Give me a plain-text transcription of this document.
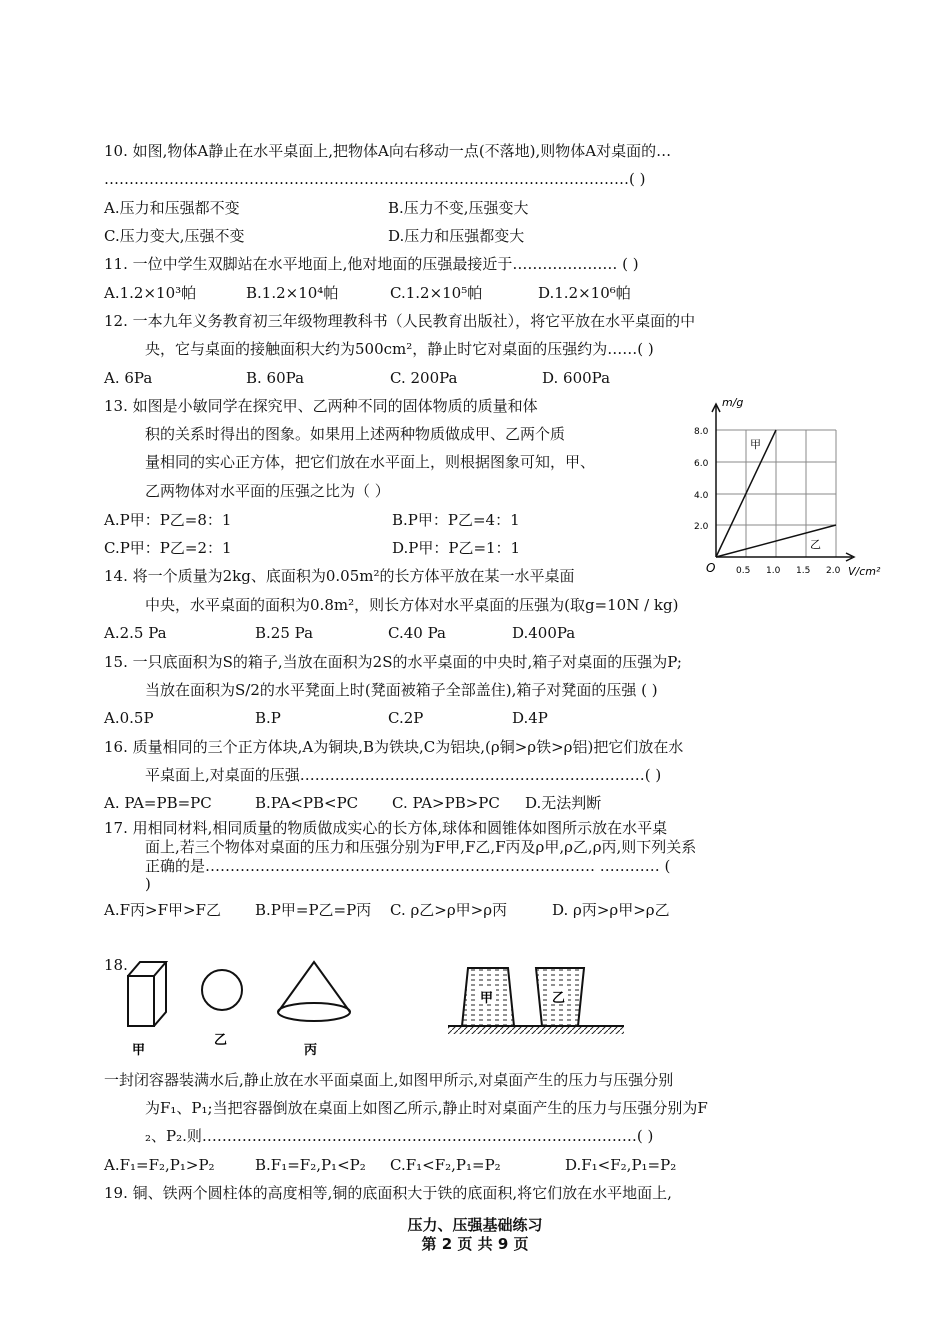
10. 如图,物体A静止在水平桌面上,把物体A向右移动一点(不落地),则物体A对桌面的…
……………………………………………………………………………………………( )
A.压力和压强都不变	B.压力不变,压强变大
C.压力变大,压强不变	D.压力和压强都变大
11. 一位中学生双脚站在水平地面上,他对地面的压强最接近于………………… ( )
A.1.2×10³帕	B.1.2×10⁴帕	C.1.2×10⁵帕	D.1.2×10⁶帕
12. 一本九年义务教育初三年级物理教科书（人民教育出版社），将它平放在水平桌面的中
央，它与桌面的接触面积大约为500cm²，静止时它对桌面的压强约为……( )
A. 6Pa	B. 60Pa	C. 200Pa	D. 600Pa
13. 如图是小敏同学在探究甲、乙两种不同的固体物质的质量和体
积的关系时得出的图象。如果用上述两种物质做成甲、乙两个质
量相同的实心正方体，把它们放在水平面上，则根据图象可知，甲、
乙两物体对水平面的压强之比为（ ）
A.P甲：P乙=8：1	B.P甲：P乙=4：1
C.P甲：P乙=2：1	D.P甲：P乙=1：1
m/g
V/cm²
O
8.0
6.0
4.0
2.0
0.5 1.0 1.5 2.0
甲
乙
14. 将一个质量为2kg、底面积为0.05m²的长方体平放在某一水平桌面
中央，水平桌面的面积为0.8m²，则长方体对水平桌面的压强为(取g=10N / kg)
A.2.5 Pa	B.25 Pa	C.40 Pa	D.400Pa
15. 一只底面积为S的箱子,当放在面积为2S的水平桌面的中央时,箱子对桌面的压强为P;
当放在面积为S/2的水平凳面上时(凳面被箱子全部盖住),箱子对凳面的压强 ( )
A.0.5P	B.P	C.2P	D.4P
16. 质量相同的三个正方体块,A为铜块,B为铁块,C为铝块,(ρ铜>ρ铁>ρ铝)把它们放在水
平桌面上,对桌面的压强……………………………………………………………( )
A. PA=PB=PC	B.PA<PB<PC C. PA>PB>PC D.无法判断
17. 用相同材料,相同质量的物质做成实心的长方体,球体和圆锥体如图所示放在水平桌
面上,若三个物体对桌面的压力和压强分别为F甲,F乙,F丙及ρ甲,ρ乙,ρ丙,则下列关系
正确的是…………………………………………………………………… ………… (
)
A.F丙>F甲>F乙 B.P甲=P乙=P丙 C. ρ乙>ρ甲>ρ丙	D. ρ丙>ρ甲>ρ乙
18.
甲
乙
丙
甲	乙
一封闭容器装满水后,静止放在水平面桌面上,如图甲所示,对桌面产生的压力与压强分别
为F₁、P₁;当把容器倒放在桌面上如图乙所示,静止时对桌面产生的压力与压强分别为F
₂、P₂.则……………………………………………………………………………( )
A.F₁=F₂,P₁>P₂	B.F₁=F₂,P₁<P₂ C.F₁<F₂,P₁=P₂	D.F₁<F₂,P₁=P₂
19. 铜、铁两个圆柱体的高度相等,铜的底面积大于铁的底面积,将它们放在水平地面上,
压力、压强基础练习
第 2 页 共 9 页
